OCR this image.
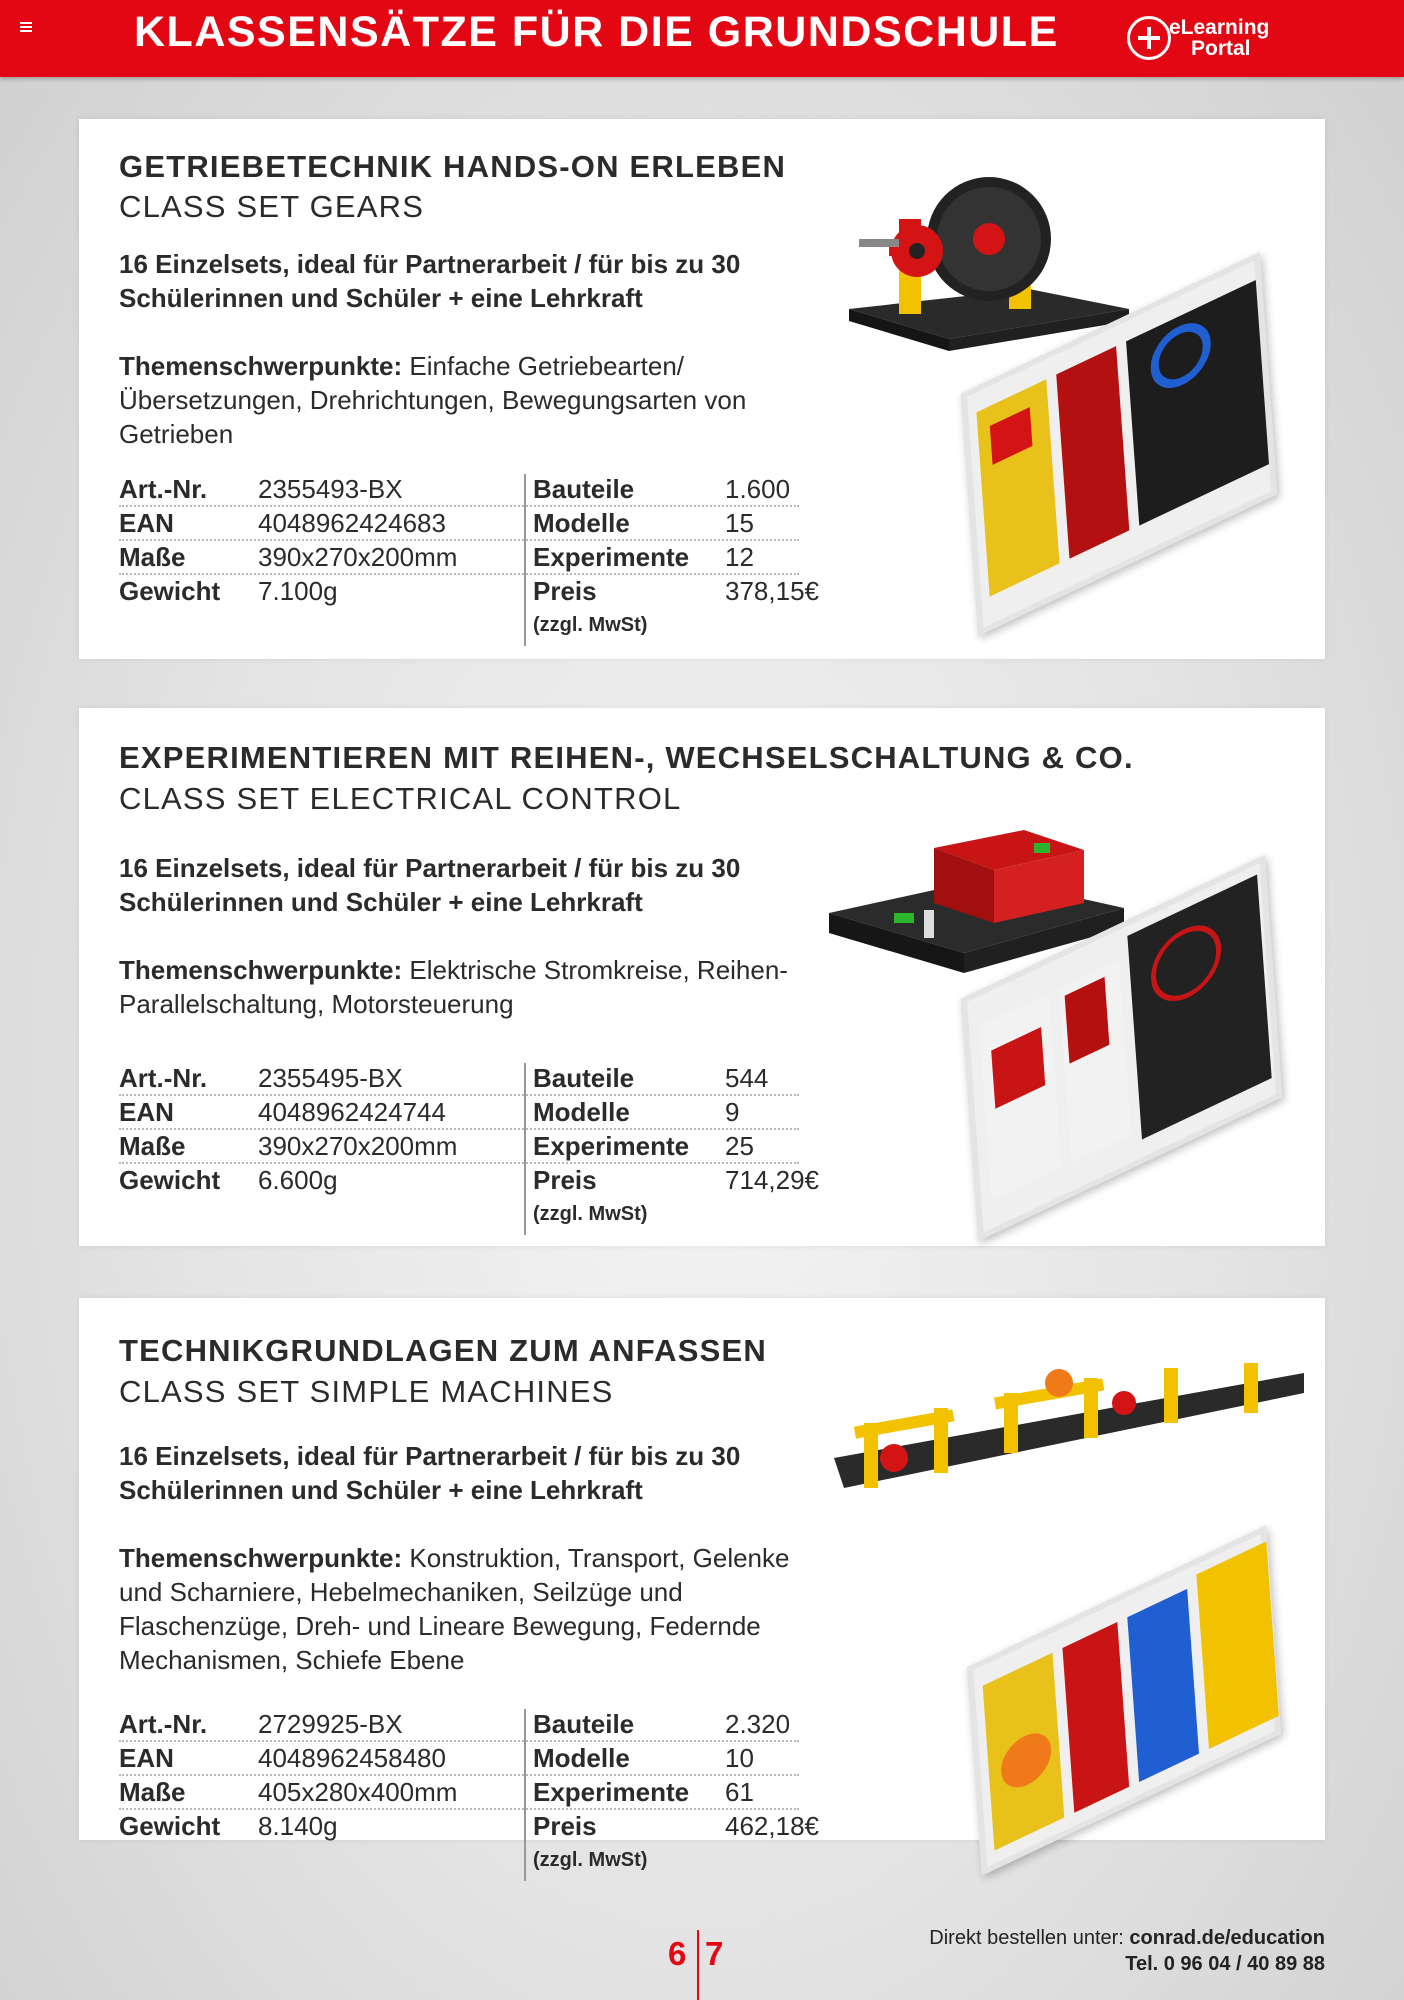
KLASSENSÄTZE FÜR DIE GRUNDSCHULE	eLearning
Portal
GETRIEBETECHNIK HANDS-ON ERLEBEN
CLASS SET GEARS
16 Einzelsets, ideal für Partnerarbeit / für bis zu 30 Schülerinnen und Schüler + eine Lehrkraft
Themenschwerpunkte: Einfache Getriebearten/ Übersetzungen, Drehrichtungen, Bewegungsarten von Getrieben
Art.-Nr. 2355493-BX	Bauteile	1.600
EAN	4048962424683	Modelle	15
Maße	390x270x200mm	Experimente 12
Gewicht 7.100g	Preis	378,15€
(zzgl. MwSt)
EXPERIMENTIEREN MIT REIHEN-, WECHSELSCHALTUNG & CO.
CLASS SET ELECTRICAL CONTROL
16 Einzelsets, ideal für Partnerarbeit / für bis zu 30 Schülerinnen und Schüler + eine Lehrkraft
Themenschwerpunkte: Elektrische Stromkreise, Reihen-Parallelschaltung, Motorsteuerung
Art.-Nr. 2355495-BX	Bauteile	544
EAN	4048962424744	Modelle	9
Maße	390x270x200mm	Experimente 25
Gewicht 6.600g	Preis	714,29€
(zzgl. MwSt)
TECHNIKGRUNDLAGEN ZUM ANFASSEN
CLASS SET SIMPLE MACHINES
16 Einzelsets, ideal für Partnerarbeit / für bis zu 30 Schülerinnen und Schüler + eine Lehrkraft
Themenschwerpunkte: Konstruktion, Transport, Gelenke und Scharniere, Hebelmechaniken, Seilzüge und Flaschenzüge, Dreh- und Lineare Bewegung, Federnde Mechanismen, Schiefe Ebene
Art.-Nr. 2729925-BX	Bauteile	2.320
EAN	4048962458480	Modelle	10
Maße	405x280x400mm	Experimente 61
Gewicht 8.140g	Preis	462,18€
(zzgl. MwSt)
6 7	Direkt bestellen unter: conrad.de/education
Tel. 0 96 04 / 40 89 88
